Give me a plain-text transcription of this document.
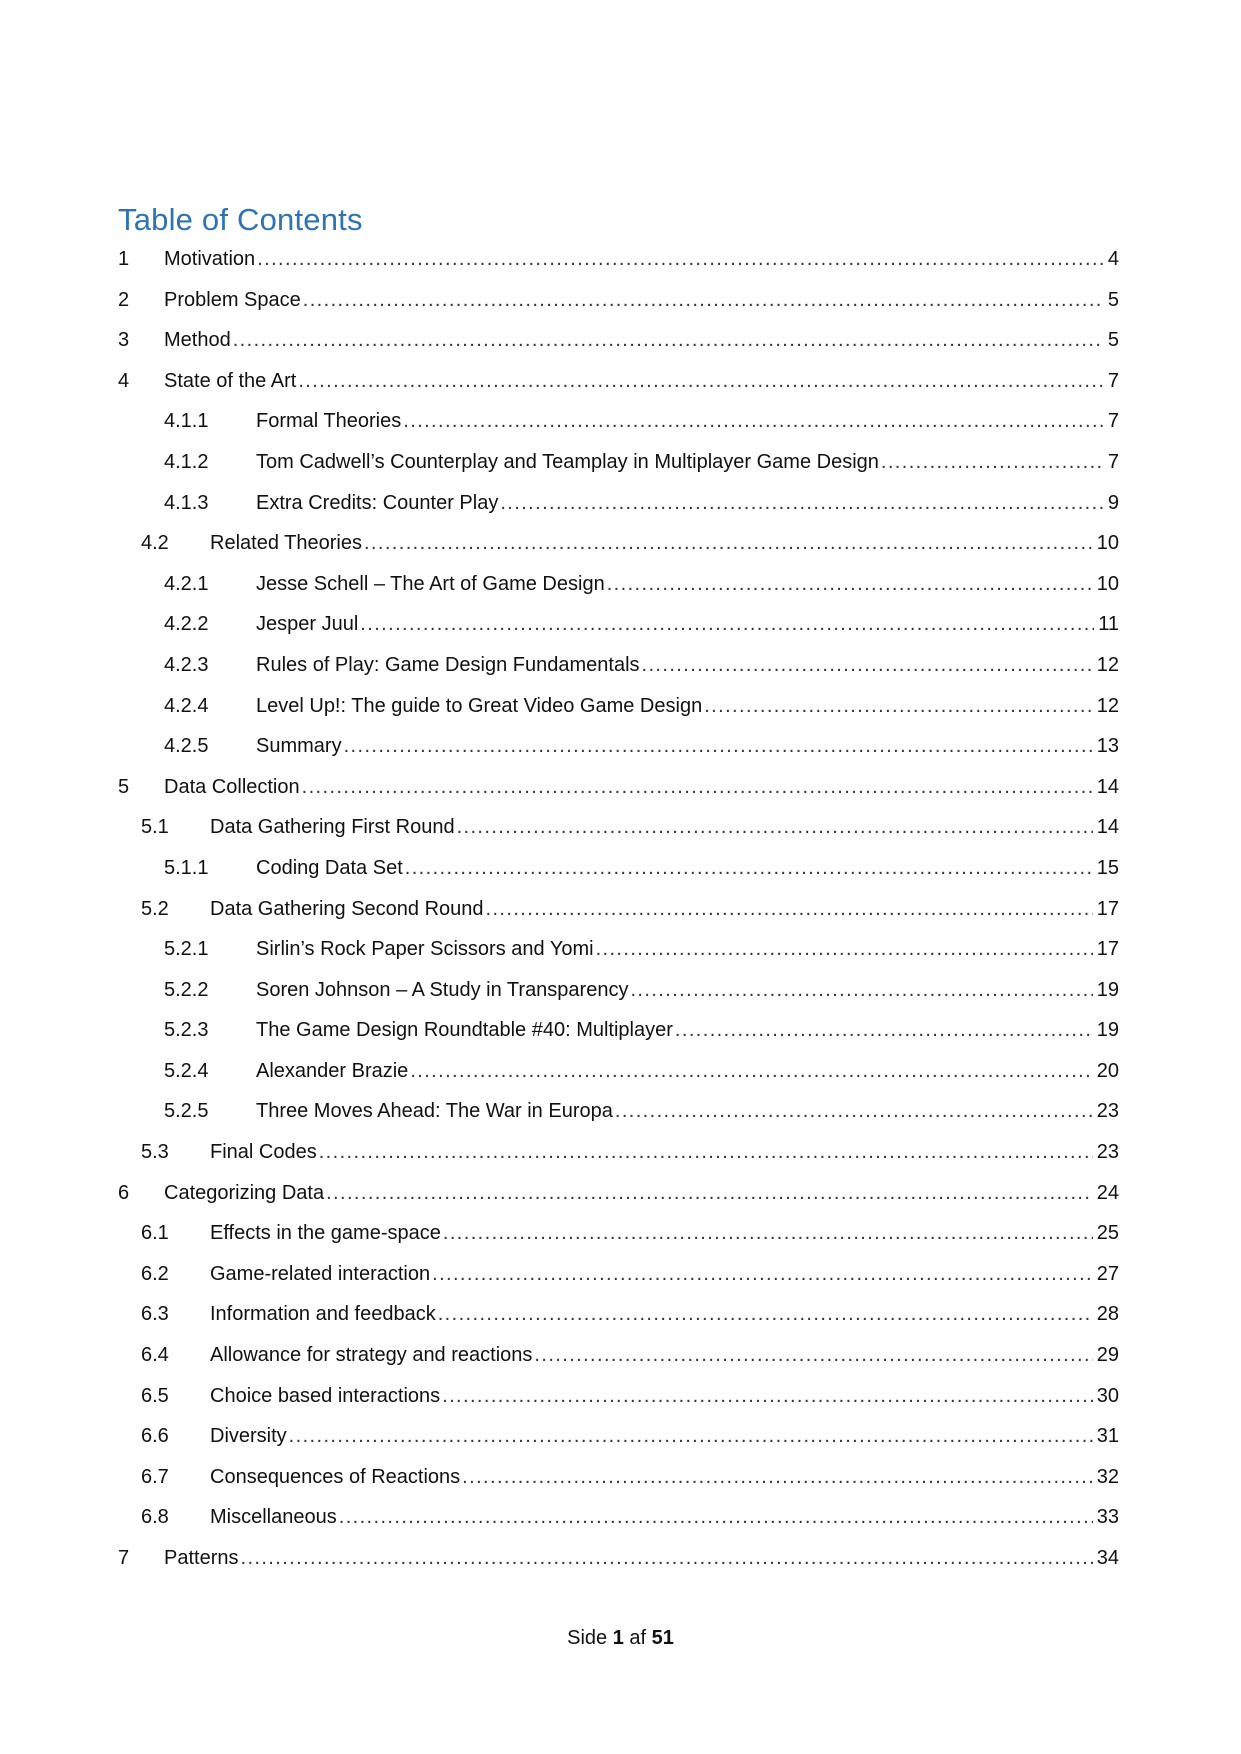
Table of Contents
1	Motivation .....	4
2	Problem Space .....	5
3	Method .....	5
4	State of the Art .....	7
4.1.1	Formal Theories .....	7
4.1.2	Tom Cadwell’s Counterplay and Teamplay in Multiplayer Game Design .....	7
4.1.3	Extra Credits: Counter Play .....	9
4.2	Related Theories .....	10
4.2.1	Jesse Schell – The Art of Game Design .....	10
4.2.2	Jesper Juul .....	11
4.2.3	Rules of Play: Game Design Fundamentals .....	12
4.2.4	Level Up!: The guide to Great Video Game Design .....	12
4.2.5	Summary .....	13
5	Data Collection .....	14
5.1	Data Gathering First Round .....	14
5.1.1	Coding Data Set .....	15
5.2	Data Gathering Second Round .....	17
5.2.1	Sirlin’s Rock Paper Scissors and Yomi .....	17
5.2.2	Soren Johnson – A Study in Transparency .....	19
5.2.3	The Game Design Roundtable #40: Multiplayer .....	19
5.2.4	Alexander Brazie .....	20
5.2.5	Three Moves Ahead: The War in Europa .....	23
5.3	Final Codes .....	23
6	Categorizing Data .....	24
6.1	Effects in the game-space .....	25
6.2	Game-related interaction .....	27
6.3	Information and feedback .....	28
6.4	Allowance for strategy and reactions .....	29
6.5	Choice based interactions .....	30
6.6	Diversity .....	31
6.7	Consequences of Reactions .....	32
6.8	Miscellaneous .....	33
7	Patterns .....	34
Side 1 af 51
